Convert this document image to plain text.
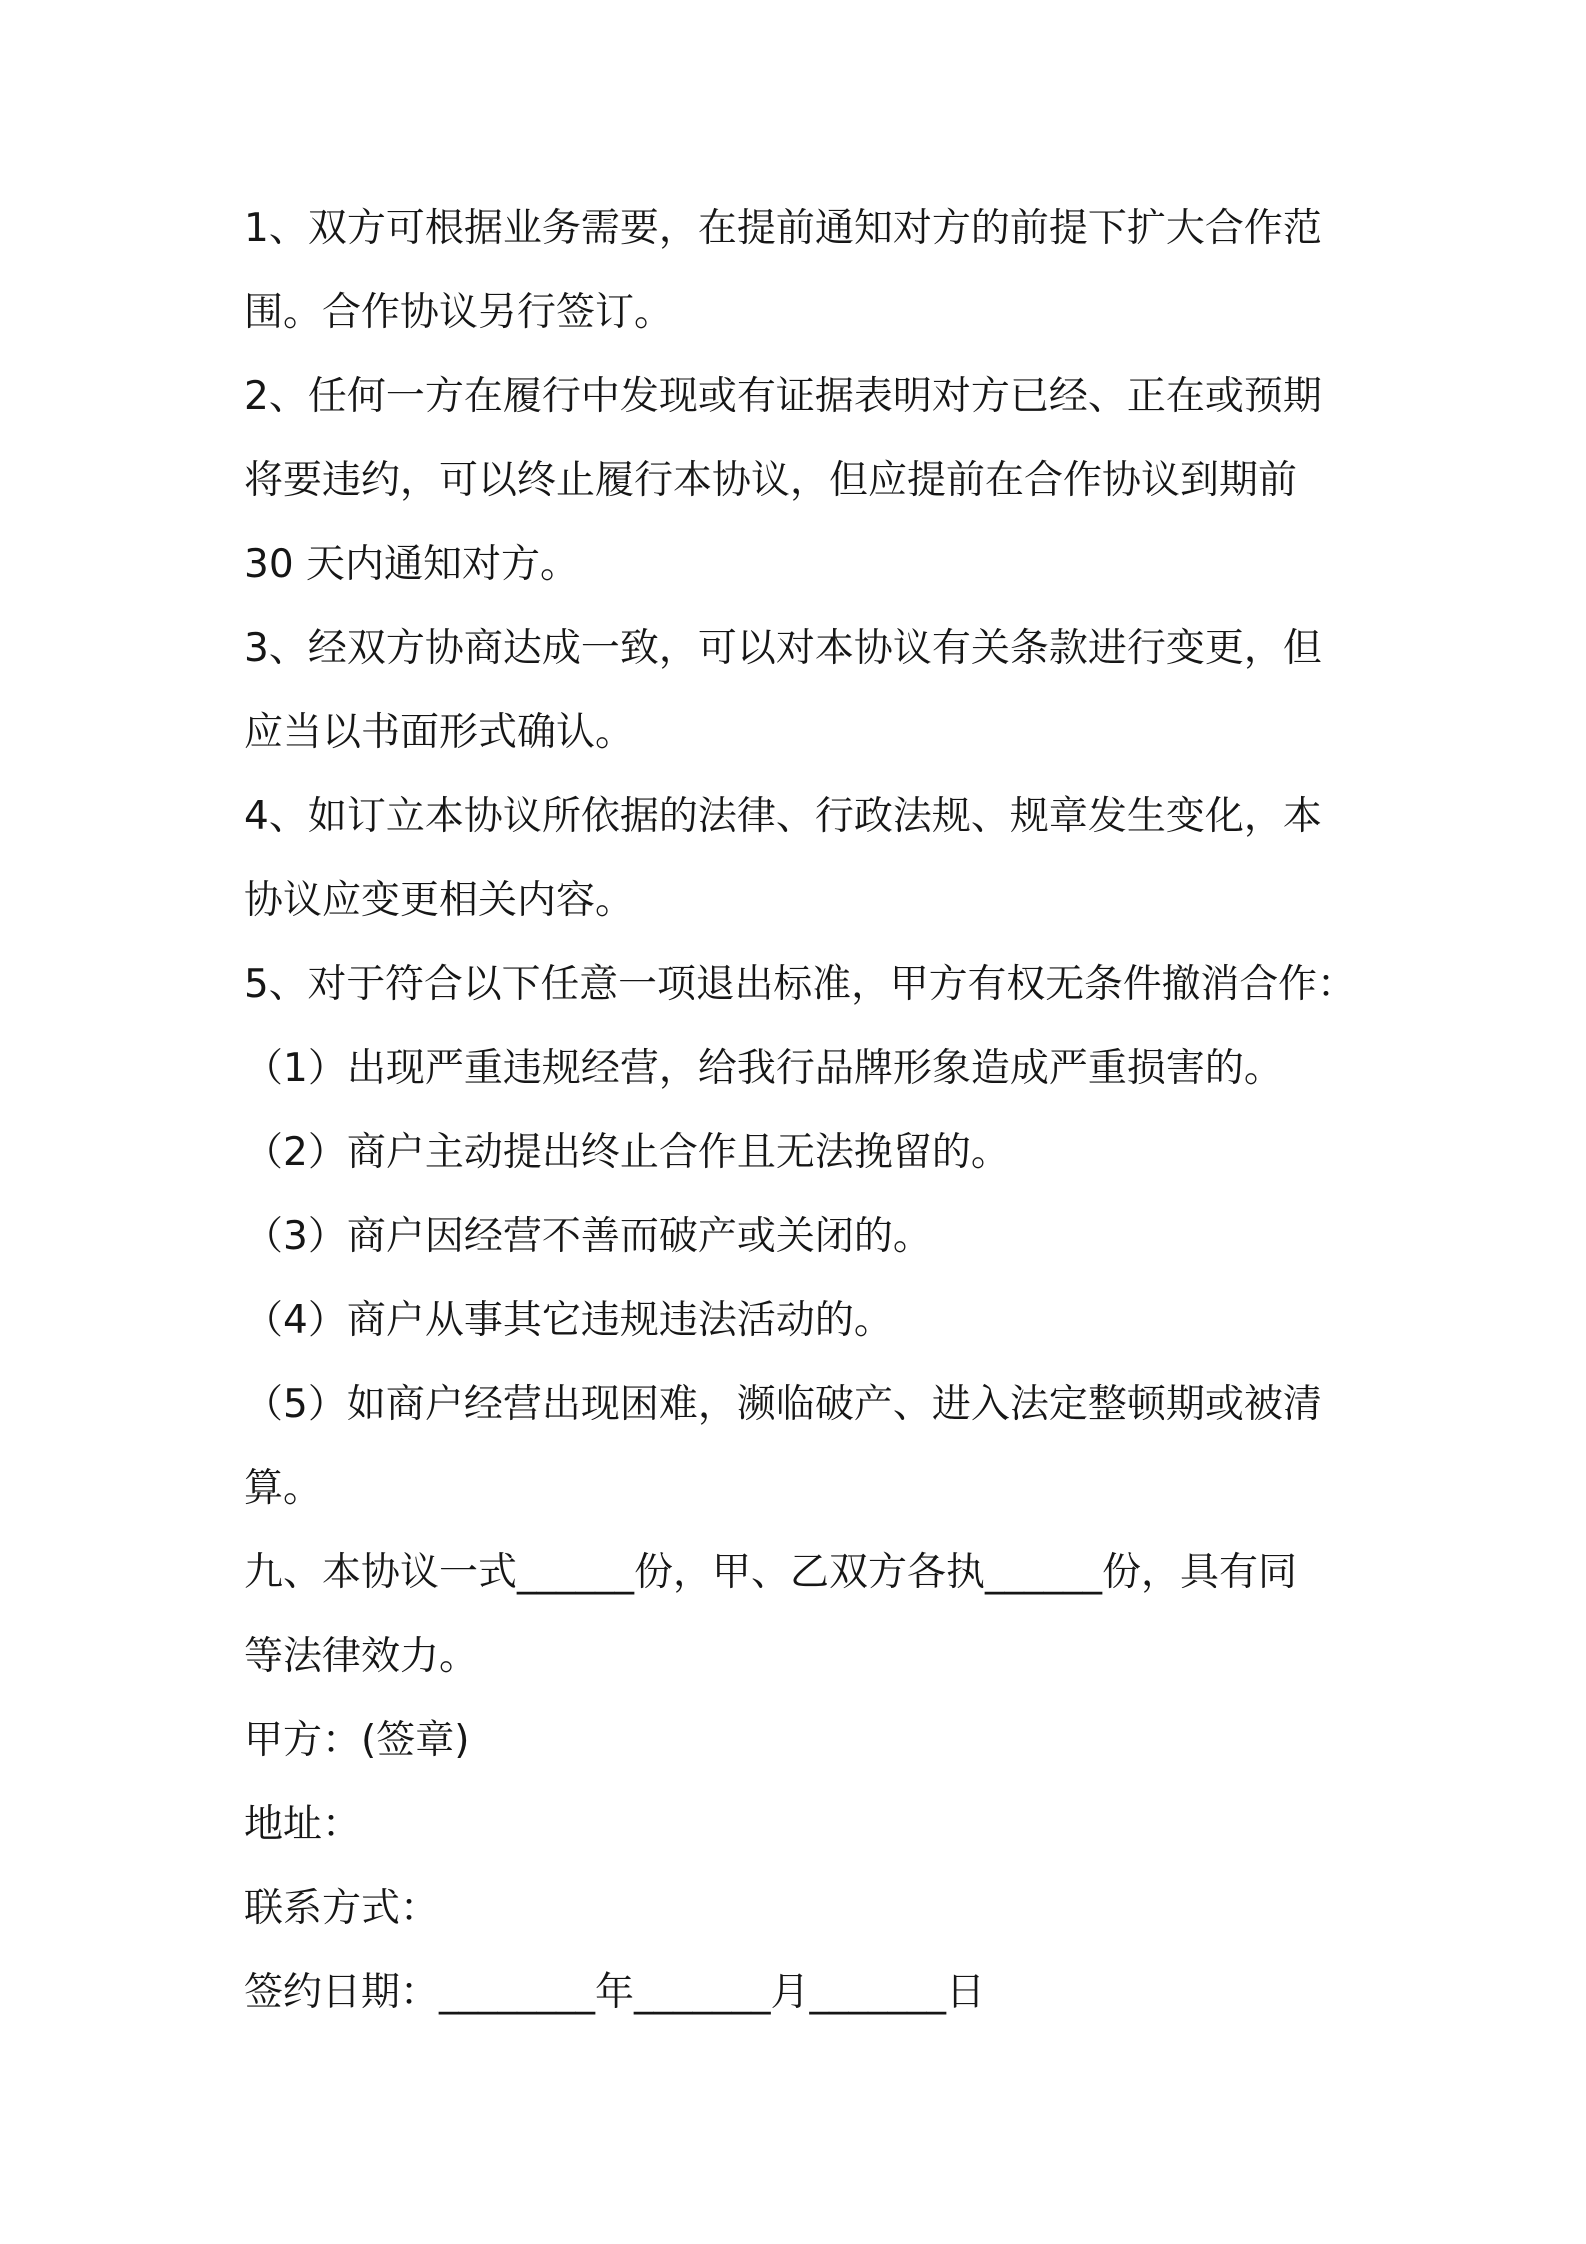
1、双方可根据业务需要，在提前通知对方的前提下扩大合作范
围。合作协议另行签订。
2、任何一方在履行中发现或有证据表明对方已经、正在或预期
将要违约，可以终止履行本协议，但应提前在合作协议到期前
30 天内通知对方。
3、经双方协商达成一致，可以对本协议有关条款进行变更，但
应当以书面形式确认。
4、如订立本协议所依据的法律、行政法规、规章发生变化，本
协议应变更相关内容。
5、对于符合以下任意一项退出标准，甲方有权无条件撤消合作：
（1）出现严重违规经营，给我行品牌形象造成严重损害的。
（2）商户主动提出终止合作且无法挽留的。
（3）商户因经营不善而破产或关闭的。
（4）商户从事其它违规违法活动的。
（5）如商户经营出现困难，濒临破产、进入法定整顿期或被清
算。
九、本协议一式______份，甲、乙双方各执______份，具有同
等法律效力。
甲方：(签章)
地址：
联系方式：
签约日期：________年_______月_______日
